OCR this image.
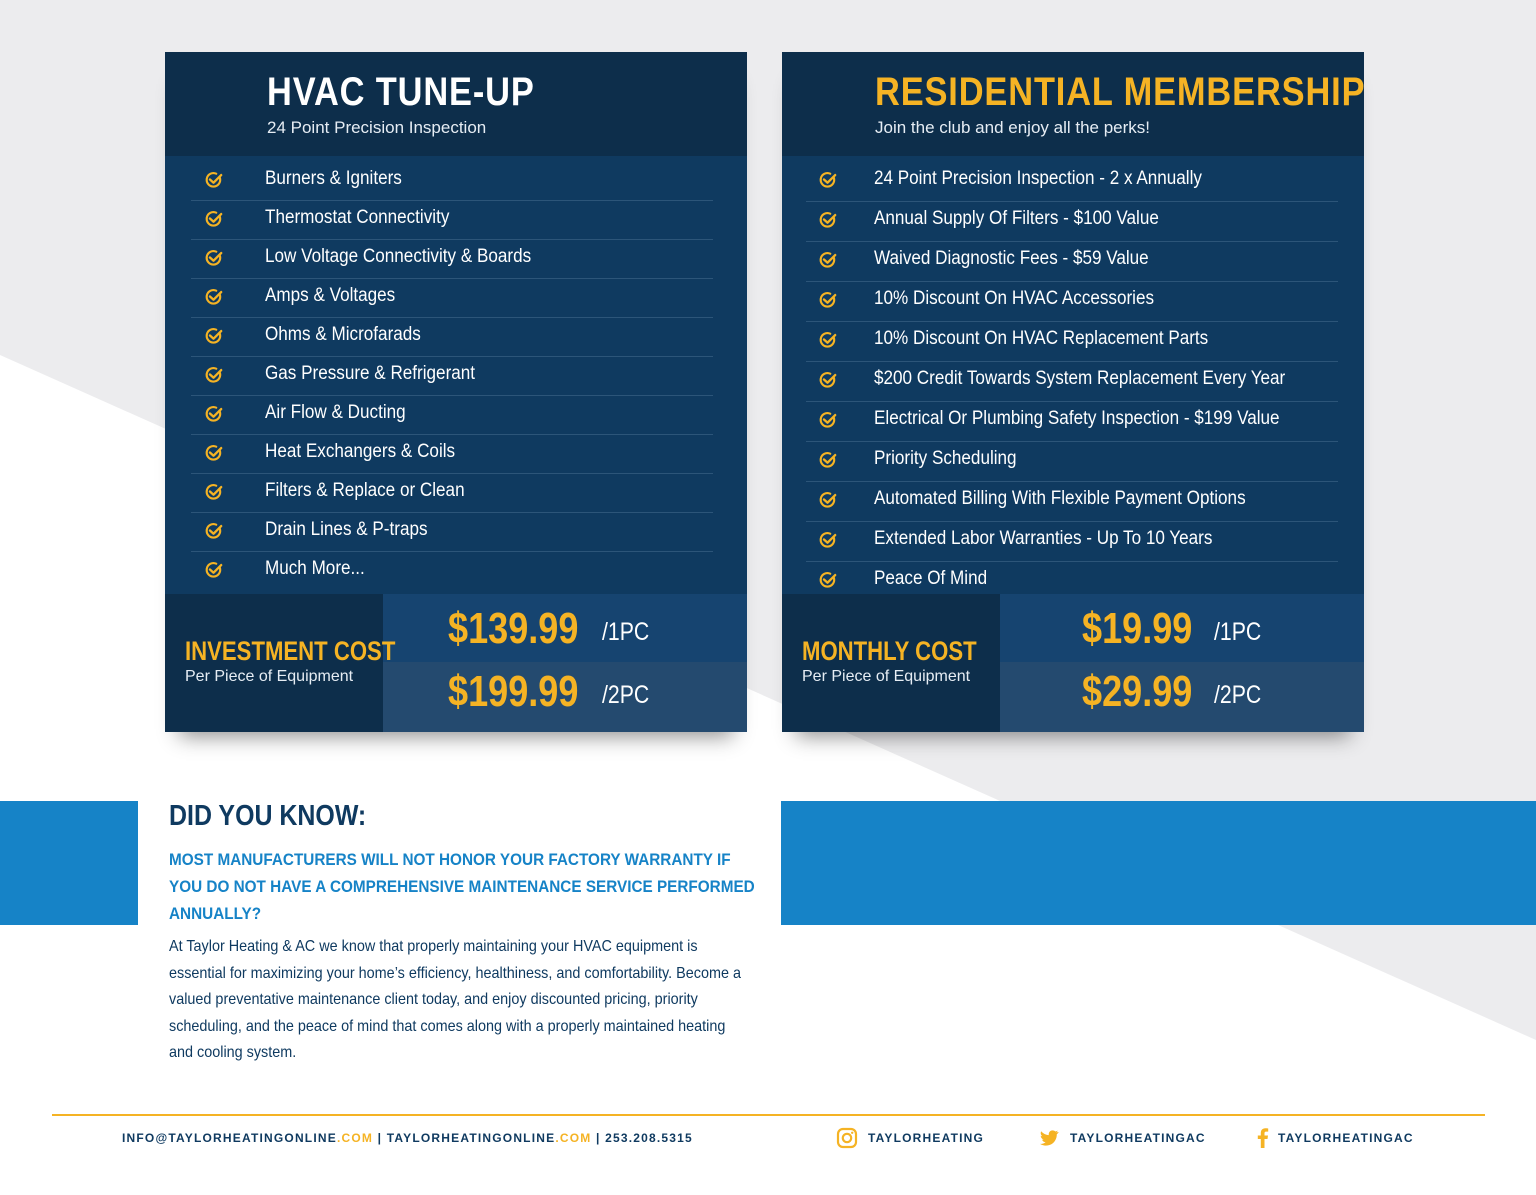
HVAC TUNE-UP
24 Point Precision Inspection
Burners & Igniters
Thermostat Connectivity
Low Voltage Connectivity & Boards
Amps & Voltages
Ohms & Microfarads
Gas Pressure & Refrigerant
Air Flow & Ducting
Heat Exchangers & Coils
Filters & Replace or Clean
Drain Lines & P-traps
Much More...
INVESTMENT COST
Per Piece of Equipment
$139.99 /1PC
$199.99 /2PC
RESIDENTIAL MEMBERSHIP
Join the club and enjoy all the perks!
24 Point Precision Inspection - 2 x Annually
Annual Supply Of Filters - $100 Value
Waived Diagnostic Fees - $59 Value
10% Discount On HVAC Accessories
10% Discount On HVAC Replacement Parts
$200 Credit Towards System Replacement Every Year
Electrical Or Plumbing Safety Inspection - $199 Value
Priority Scheduling
Automated Billing With Flexible Payment Options
Extended Labor Warranties - Up To 10 Years
Peace Of Mind
MONTHLY COST
Per Piece of Equipment
$19.99 /1PC
$29.99 /2PC
DID YOU KNOW:
MOST MANUFACTURERS WILL NOT HONOR YOUR FACTORY WARRANTY IF YOU DO NOT HAVE A COMPREHENSIVE MAINTENANCE SERVICE PERFORMED ANNUALLY?
At Taylor Heating & AC we know that properly maintaining your HVAC equipment is essential for maximizing your home’s efficiency, healthiness, and comfortability. Become a valued preventative maintenance client today, and enjoy discounted pricing, priority scheduling, and the peace of mind that comes along with a properly maintained heating and cooling system.
INFO@TAYLORHEATINGONLINE.COM | TAYLORHEATINGONLINE.COM | 253.208.5315	TAYLORHEATING	TAYLORHEATINGAC	TAYLORHEATINGAC
